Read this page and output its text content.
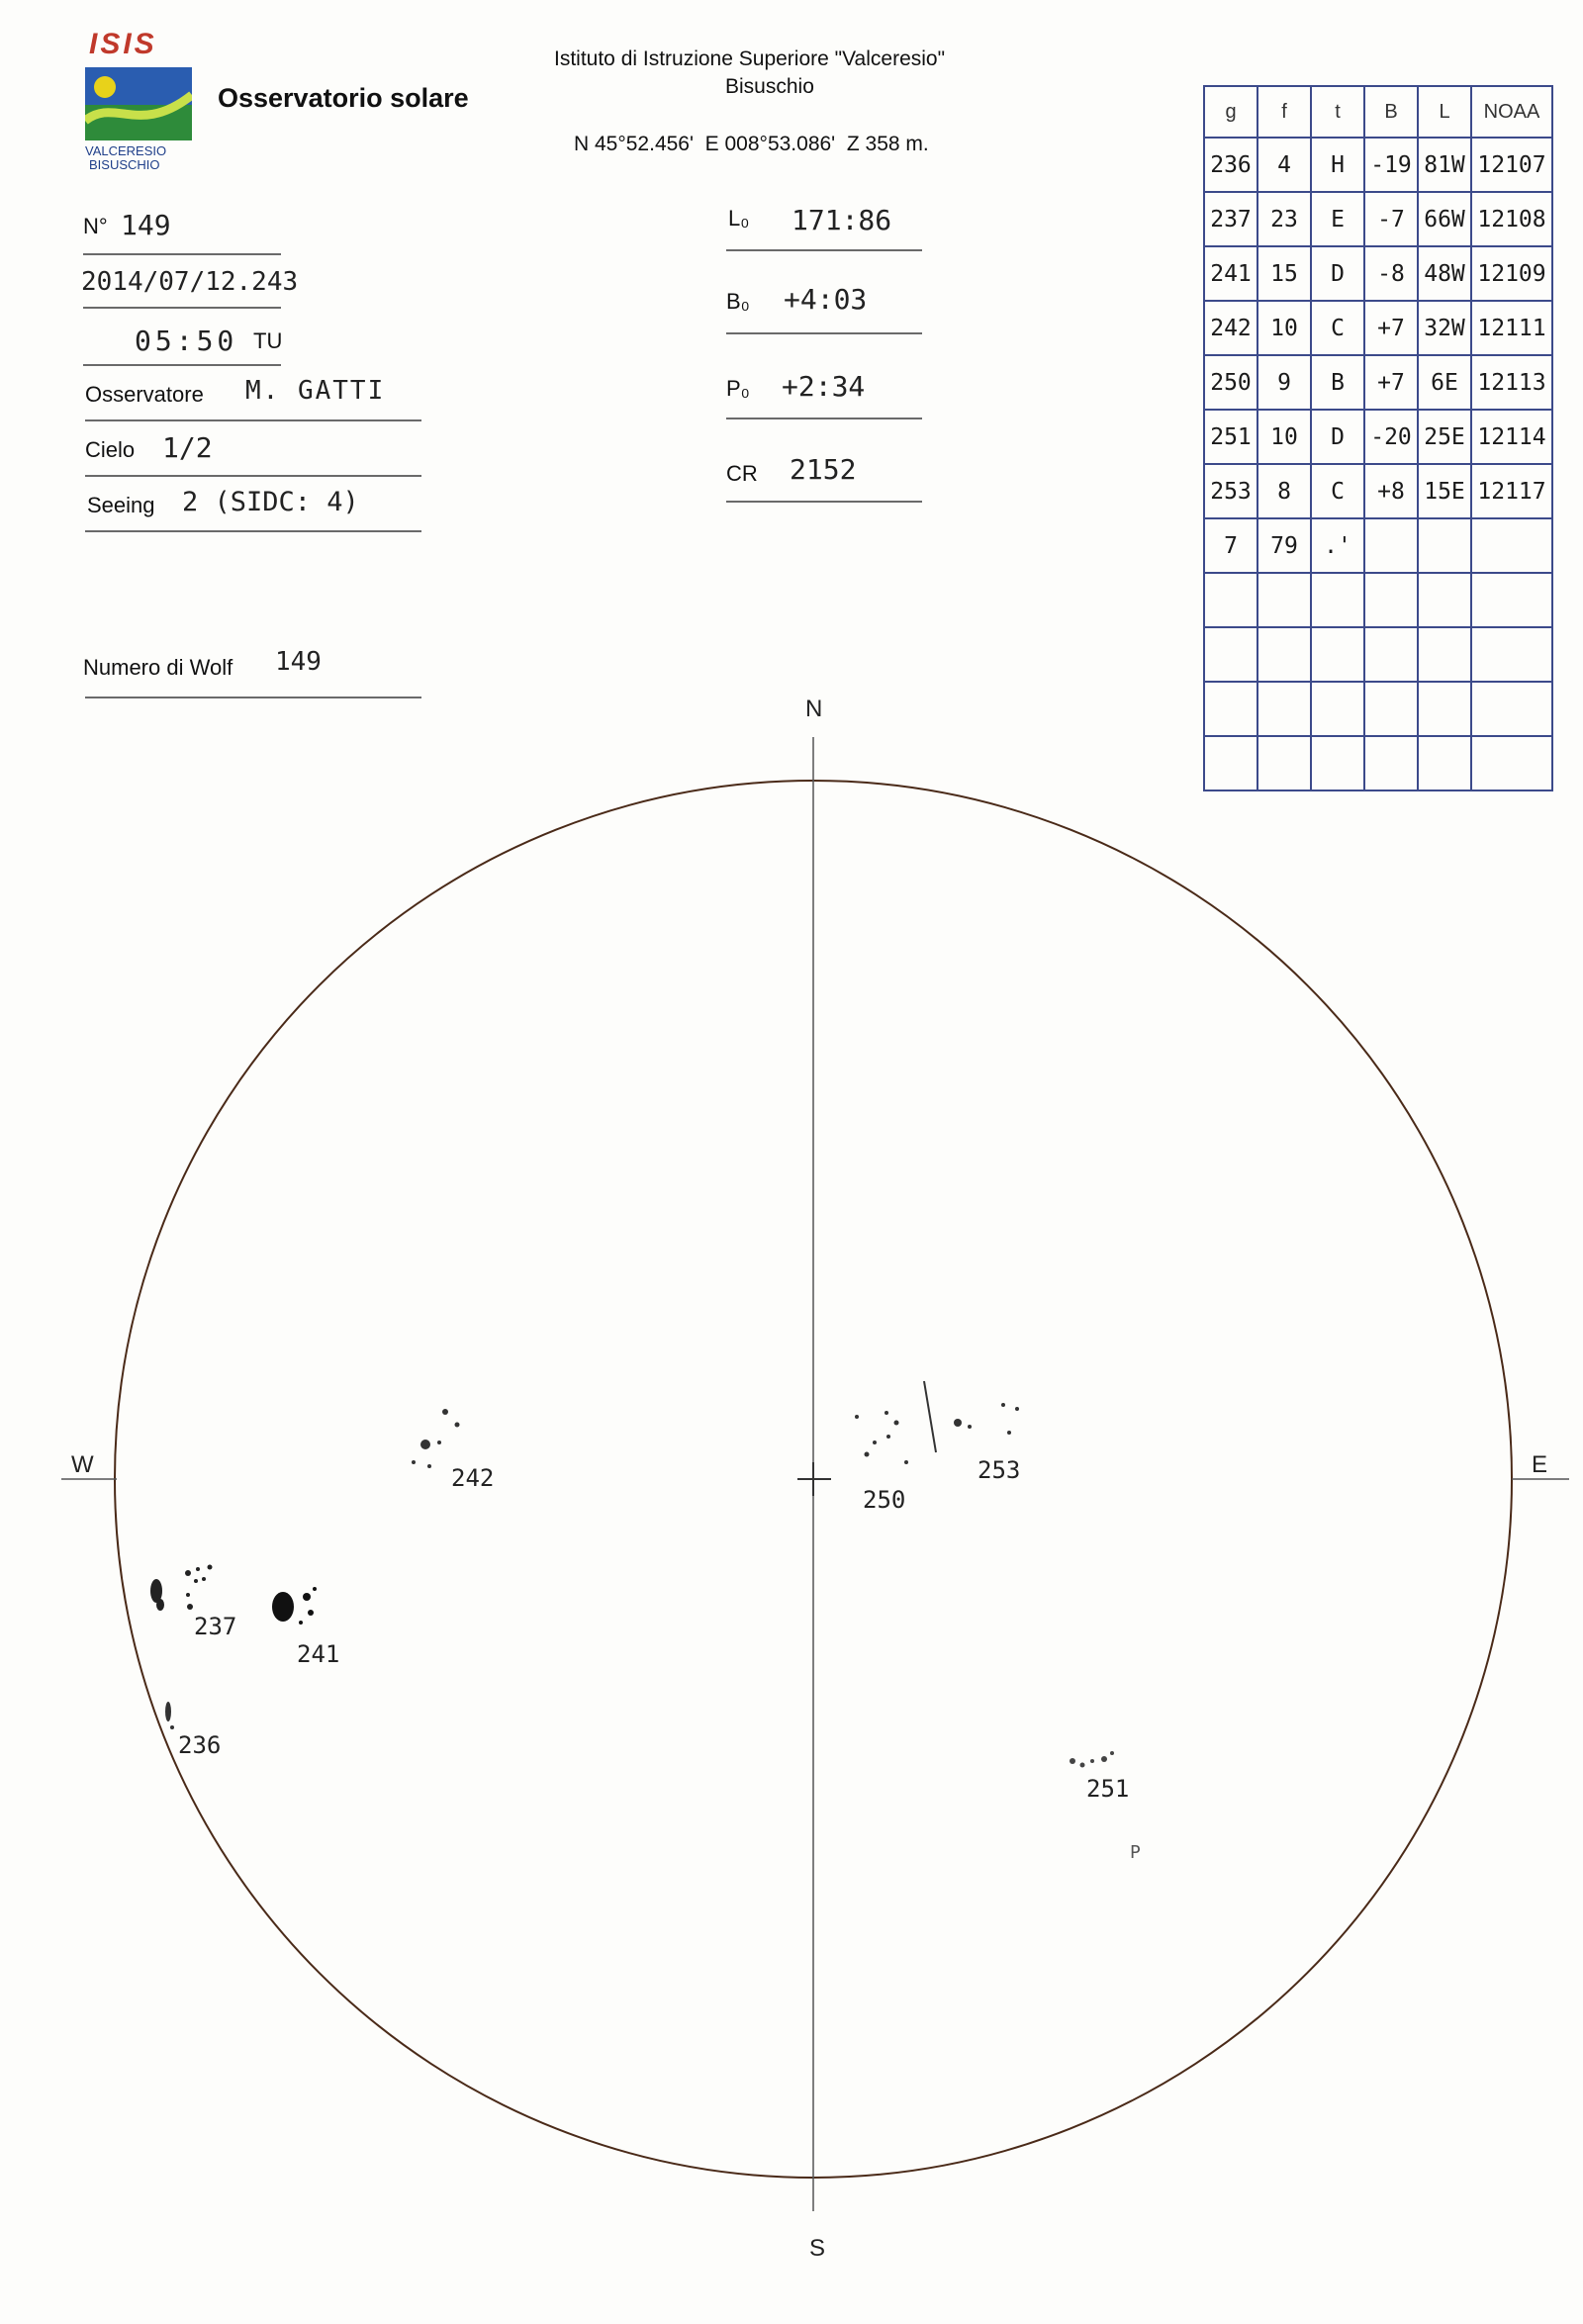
ISIS
VALCERESIO
BISUSCHIO
Osservatorio solare
Istituto di Istruzione Superiore "Valceresio"
Bisuschio
N 45°52.456'  E 008°53.086'  Z 358 m.
N° 149
2014/07/12.243
05:50 TU
Osservatore M. GATTI
Cielo 1/2
Seeing 2 (SIDC: 4)
Numero di Wolf 149
L₀ 171:86
B₀ +4:03
P₀ +2:34
CR 2152
g	f	t	B	L	NOAA
236	4	H	-19	81W	12107
237	23	E	-7	66W	12108
241	15	D	-8	48W	12109
242	10	C	+7	32W	12111
250	9	B	+7	6E	12113
251	10	D	-20	25E	12114
253	8	C	+8	15E	12117
7	79	.'			

N
S
W	E
242
250
253
237
241
236
251
P
